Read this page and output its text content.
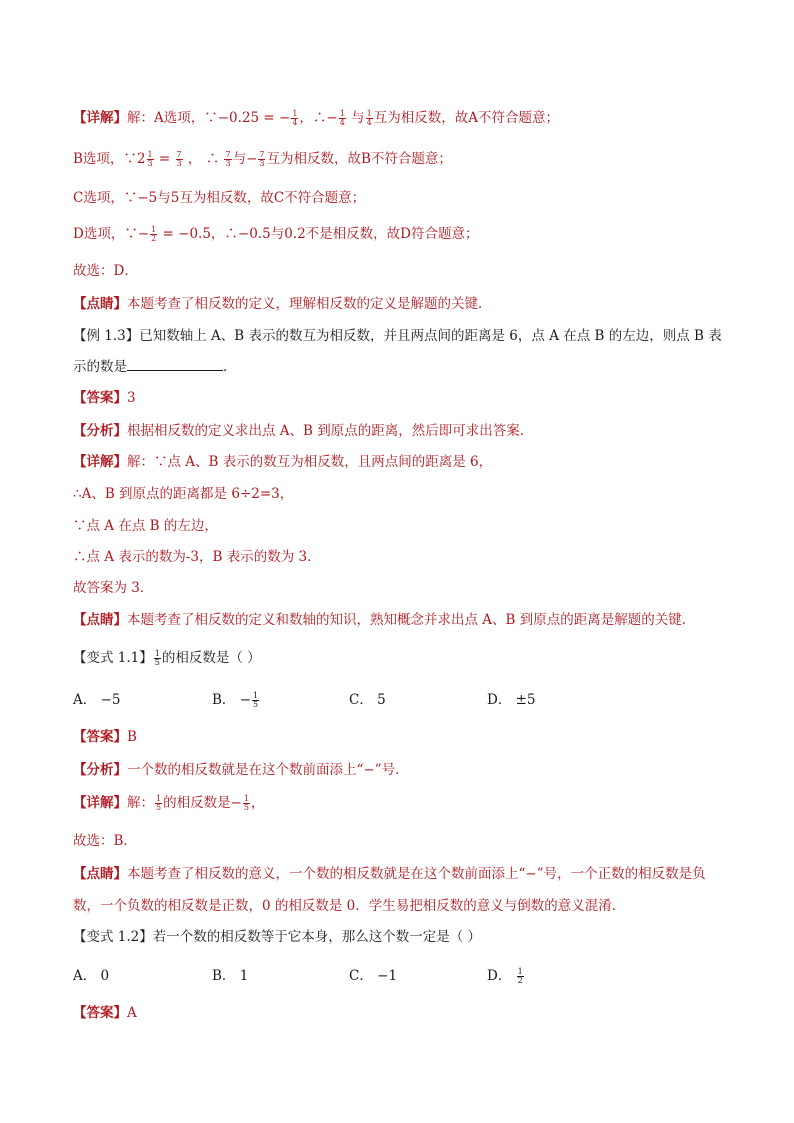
【详解】解：A选项，∵−0.25 = − $\frac{1}{4}$ ，∴− $\frac{1}{4}$ 与 $\frac{1}{4}$ 互为相反数，故A不符合题意；
B选项，∵2 $\frac{1}{3} = \frac{7}{3}$ ， ∴ $\frac{7}{3}$ 与− $\frac{7}{3}$ 互为相反数，故B不符合题意；
C选项，∵−5与5互为相反数，故C不符合题意；
D选项，∵− $\frac{1}{2} = -0.5$，∴−0.5与0.2不是相反数，故D符合题意；
故选：D．
【点睛】本题考查了相反数的定义，理解相反数的定义是解题的关键．
【例 1.3】已知数轴上 A、B 表示的数互为相反数，并且两点间的距离是 6，点 A 在点 B 的左边，则点 B 表
示的数是	．
【答案】3
【分析】根据相反数的定义求出点 A、B 到原点的距离，然后即可求出答案．
【详解】解：∵点 A、B 表示的数互为相反数，且两点间的距离是 6，
∴A、B 到原点的距离都是 6÷2=3，
∵点 A 在点 B 的左边，
∴点 A 表示的数为-3，B 表示的数为 3．
故答案为 3．
【点睛】本题考查了相反数的定义和数轴的知识，熟知概念并求出点 A、B 到原点的距离是解题的关键．
【变式 1.1】 $\frac{1}{5}$ 的相反数是（ ）
A． −5	B． − $\frac{1}{5}$	C． 5	D． ±5
【答案】B
【分析】一个数的相反数就是在这个数前面添上“−”号．
【详解】解： $\frac{1}{5}$ 的相反数是− $\frac{1}{5}$ ，
故选：B．
【点睛】本题考查了相反数的意义，一个数的相反数就是在这个数前面添上“−”号，一个正数的相反数是负
数，一个负数的相反数是正数，0 的相反数是 0．学生易把相反数的意义与倒数的意义混淆．
【变式 1.2】若一个数的相反数等于它本身，那么这个数一定是（ ）
A． 0	B． 1	C． −1	D． $\frac{1}{2}$
【答案】A
